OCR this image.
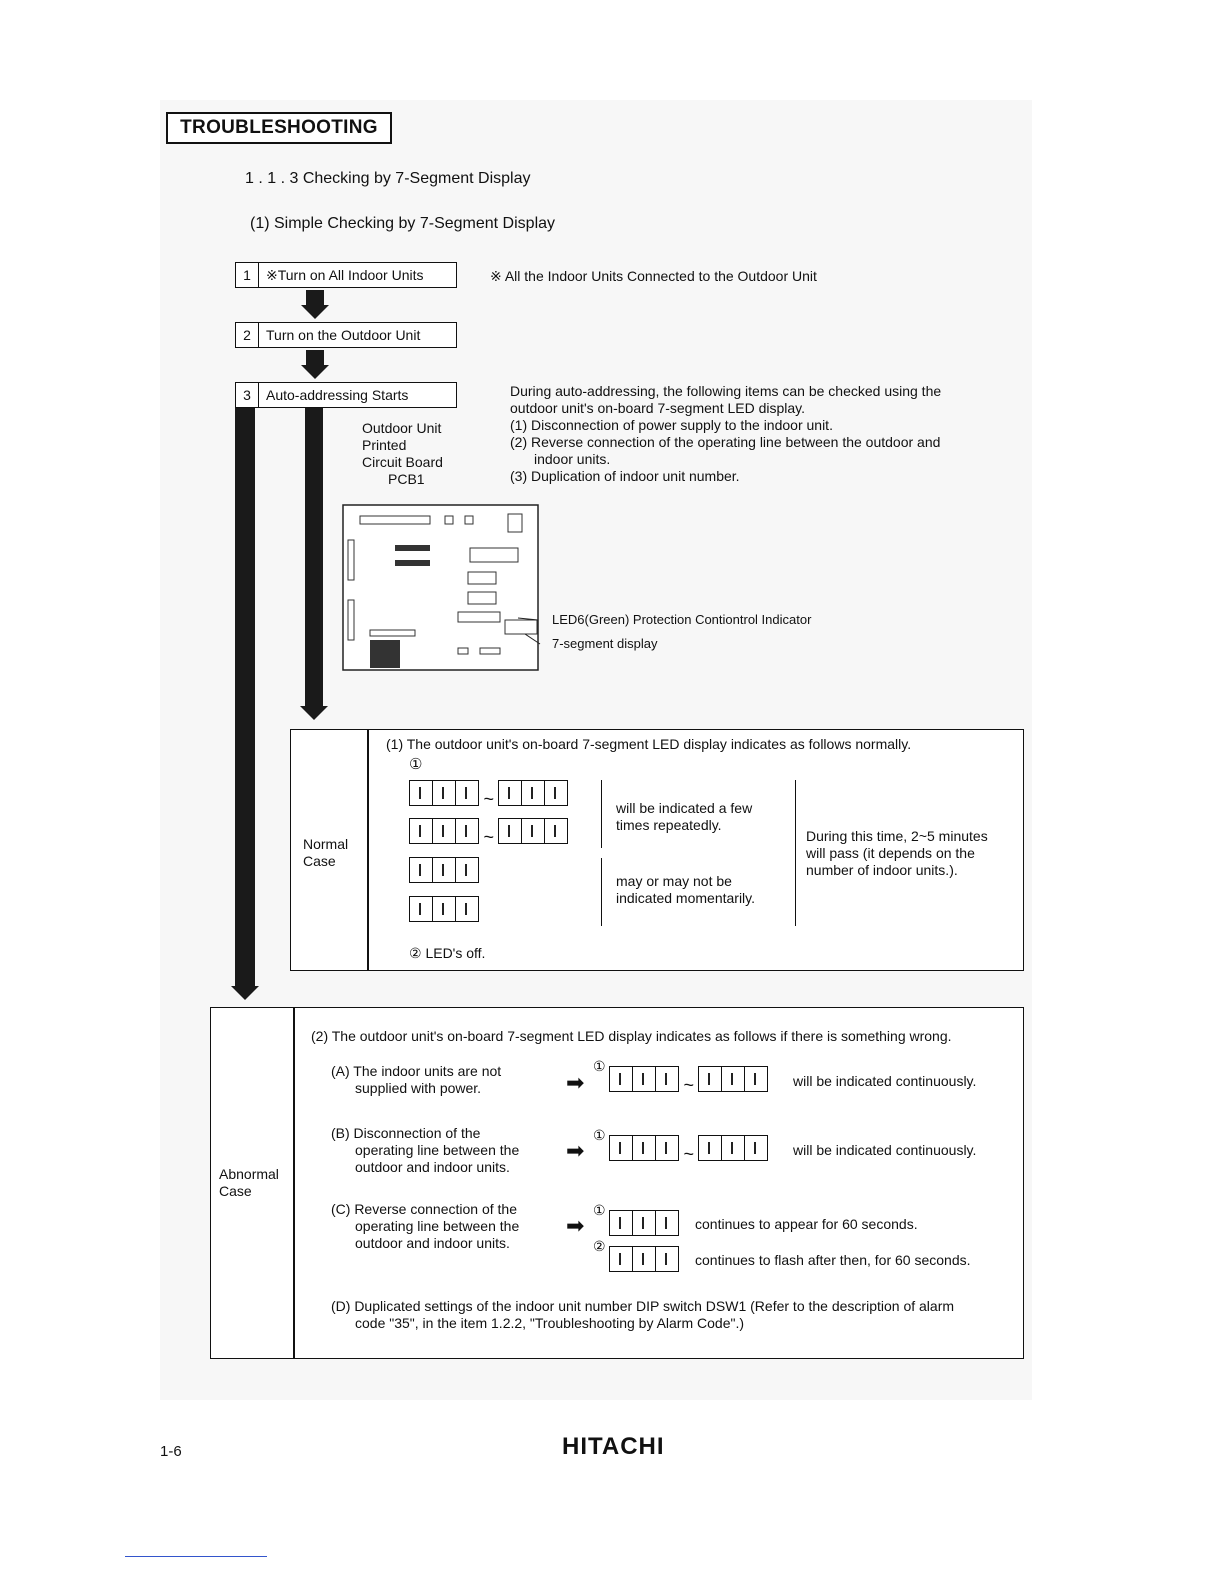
TROUBLESHOOTING
1 . 1 . 3 Checking by 7-Segment Display
(1) Simple Checking by 7-Segment Display
1	※Turn on All Indoor Units	※ All the Indoor Units Connected to the Outdoor Unit
2	Turn on the Outdoor Unit
3	Auto-addressing Starts	During auto-addressing, the following items can be checked using the
outdoor unit's on-board 7-segment LED display.
(1) Disconnection of power supply to the indoor unit.
(2) Reverse connection of the operating line between the outdoor and
indoor units.
(3) Duplication of indoor unit number.
Outdoor Unit
Printed
Circuit Board
PCB1
LED6(Green) Protection Contiontrol Indicator
7-segment display
Normal
Case
(1) The outdoor unit's on-board 7-segment LED display indicates as follows normally.
①
~
~
will be indicated a few
times repeatedly.
may or may not be
indicated momentarily.
During this time, 2~5 minutes
will pass (it depends on the
number of indoor units.).
② LED's off.
Abnormal
Case
(2) The outdoor unit's on-board 7-segment LED display indicates as follows if there is something wrong.
(A) The indoor units are not
supplied with power.	➡
①
~	will be indicated continuously.
(B) Disconnection of the
operating line between the
outdoor and indoor units.
➡
①
~	will be indicated continuously.
(C) Reverse connection of the
operating line between the
outdoor and indoor units.
➡
①
continues to appear for 60 seconds.
②
continues to flash after then, for 60 seconds.
(D) Duplicated settings of the indoor unit number DIP switch DSW1 (Refer to the description of alarm
code "35", in the item 1.2.2, "Troubleshooting by Alarm Code".)
1-6	HITACHI
